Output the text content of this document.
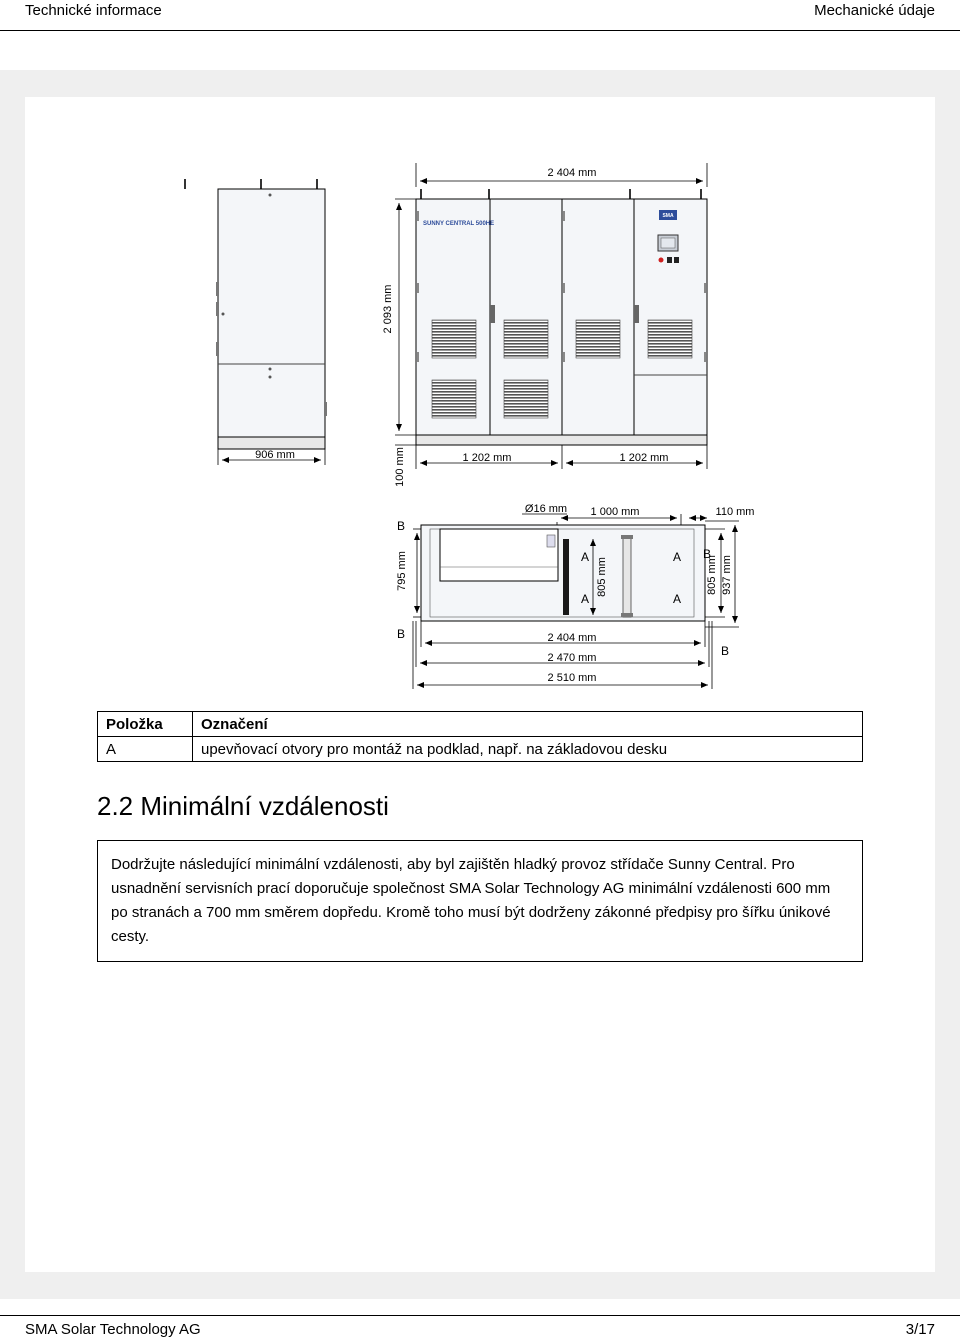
Technické informace	Mechanické údaje
906 mm
2 404 mm
SUNNY CENTRAL 500HE
SMA
2 093 mm
100 mm	1 202 mm	1 202 mm
1 000 mm	110 mm
Ø16 mm
A
A
A
A
805 mm
795 mm
B
B
805 mm 937 mm
B
B
2 404 mm
2 470 mm
2 510 mm
Položka	Označení
A	upevňovací otvory pro montáž na podklad, např. na základovou desku
2.2 Minimální vzdálenosti
Dodržujte následující minimální vzdálenosti, aby byl zajištěn hladký provoz střídače Sunny Central. Pro usnadnění servisních prací doporučuje společnost SMA Solar Technology AG minimální vzdálenosti 600 mm po stranách a 700 mm směrem dopředu. Kromě toho musí být dodrženy zákonné předpisy pro šířku únikové cesty.
SMA Solar Technology AG	3/17
